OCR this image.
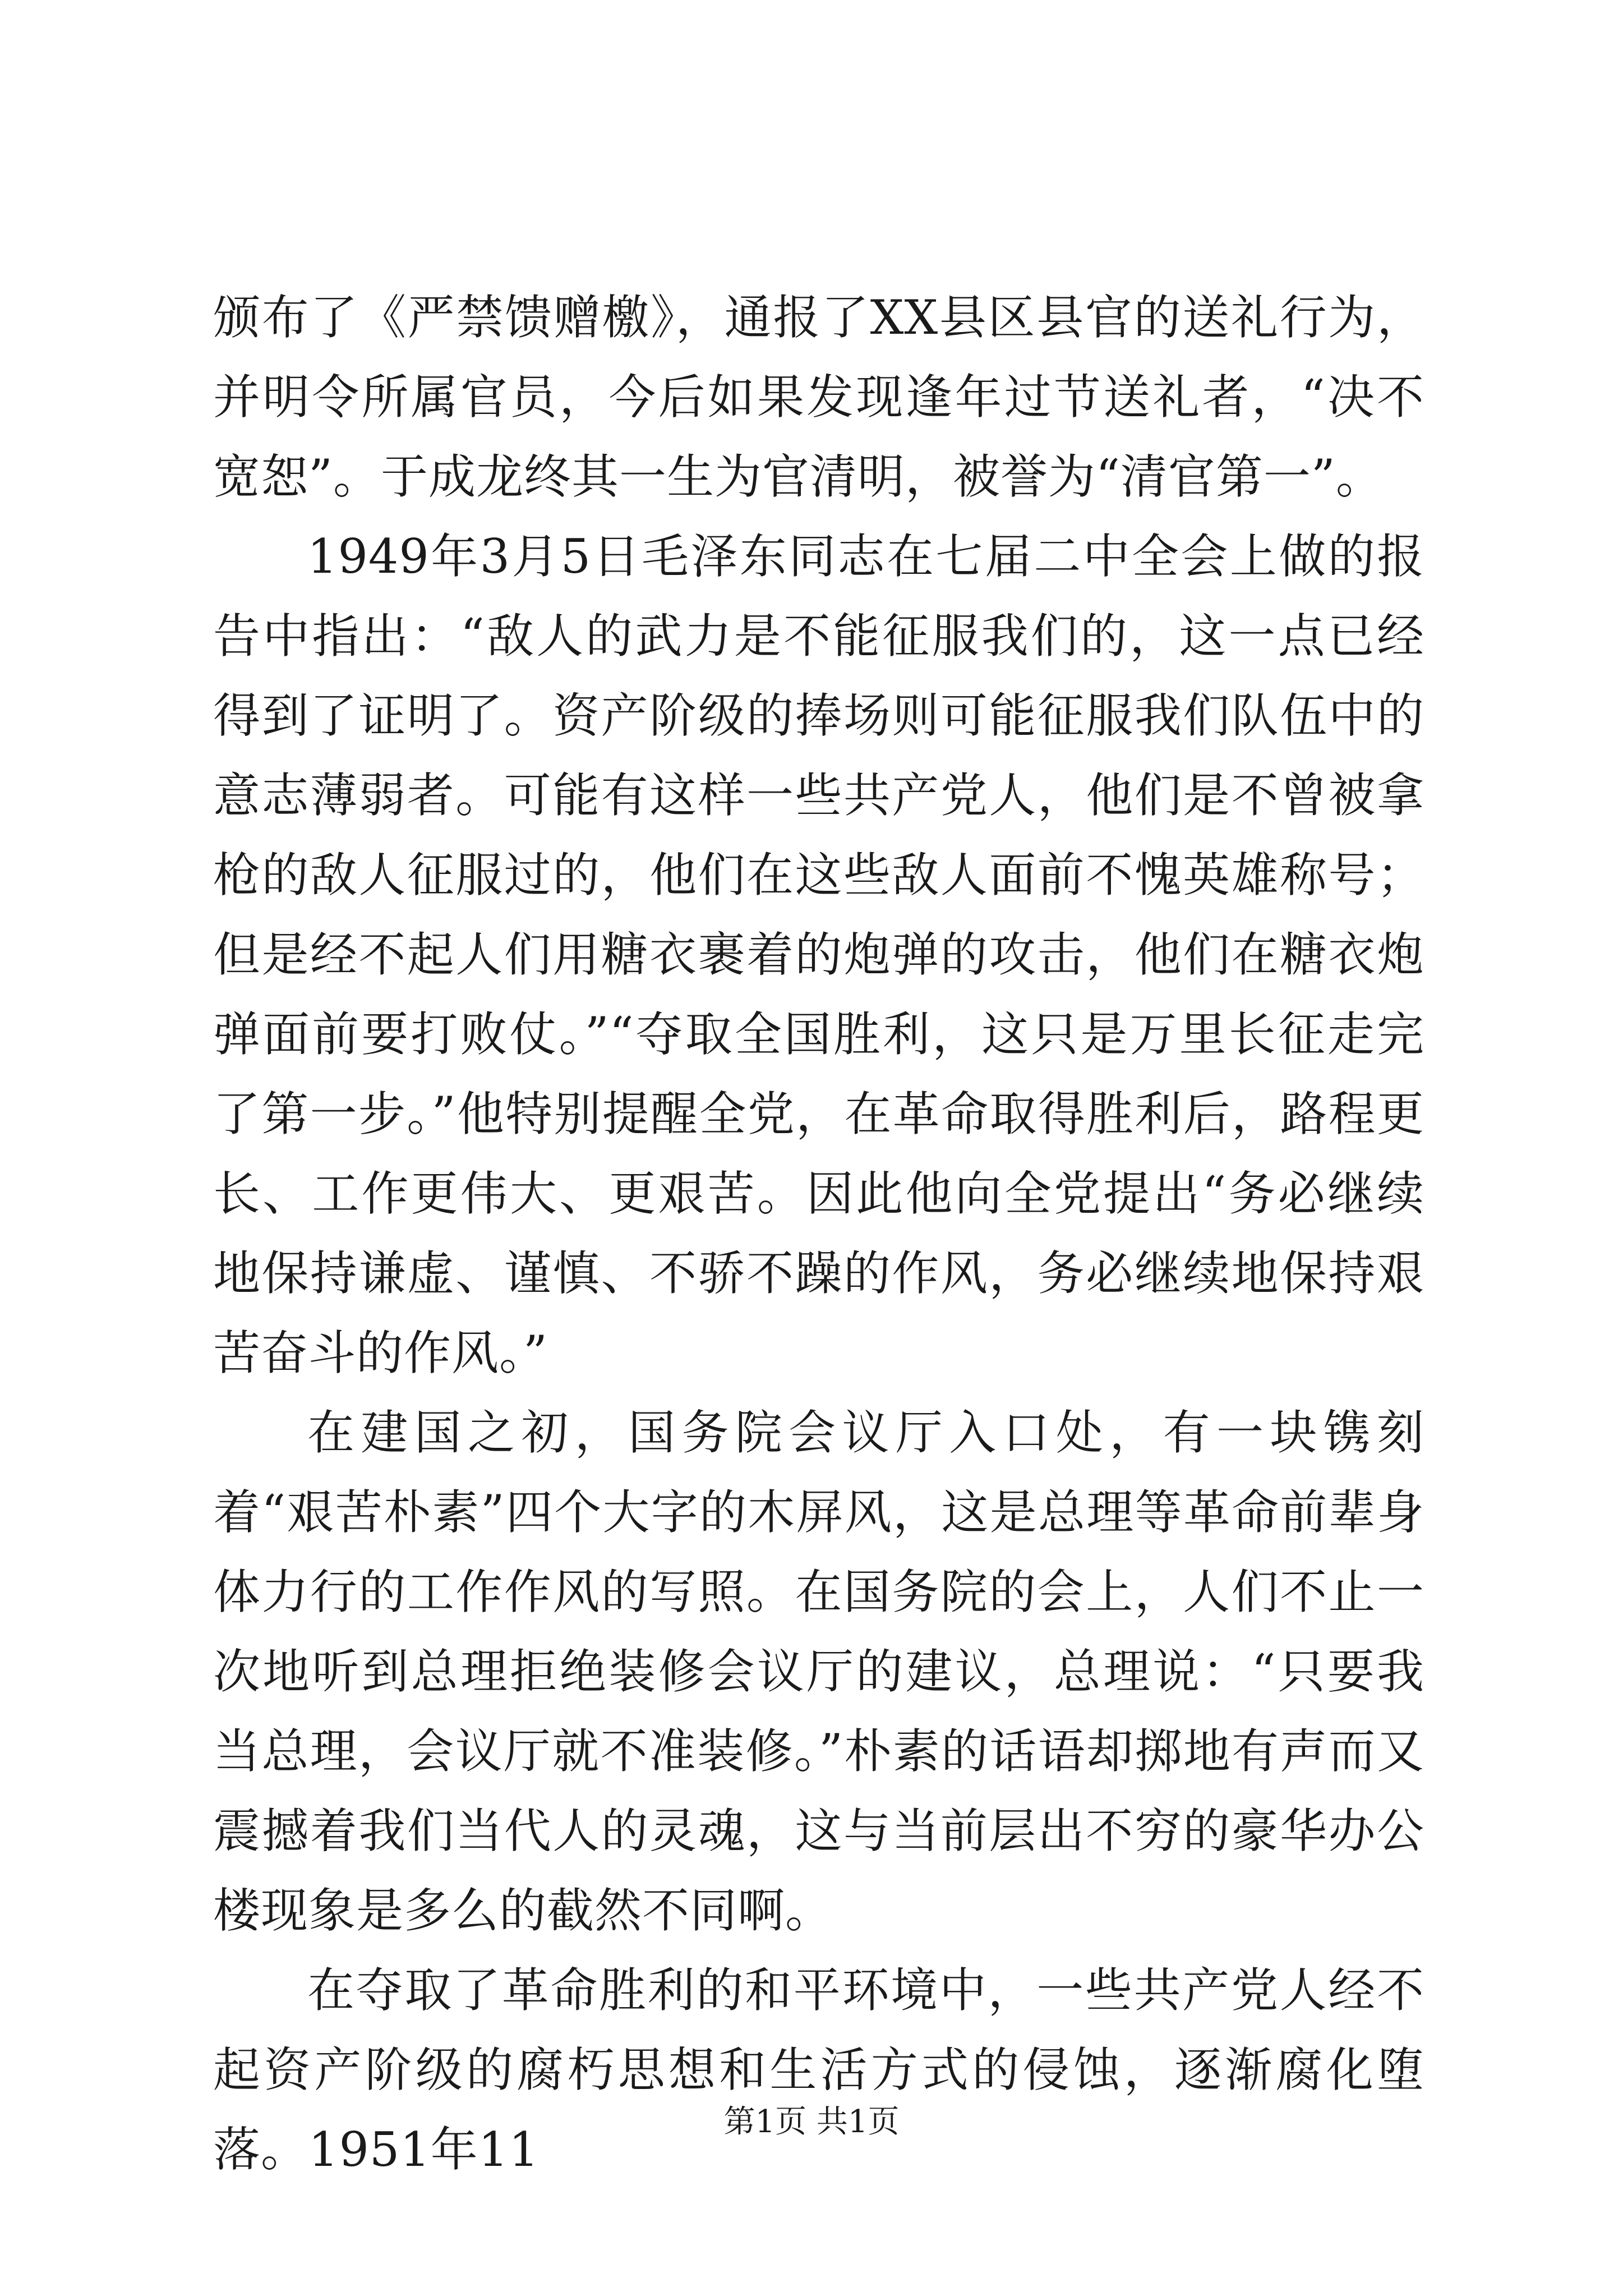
颁布了《严禁馈赠檄》，通报了XX县区县官的送礼行为，并明令所属官员，今后如果发现逢年过节送礼者，“决不宽恕”。于成龙终其一生为官清明，被誉为“清官第一”。

1949年3月5日毛泽东同志在七届二中全会上做的报告中指出：“敌人的武力是不能征服我们的，这一点已经得到了证明了。资产阶级的捧场则可能征服我们队伍中的意志薄弱者。可能有这样一些共产党人，他们是不曾被拿枪的敌人征服过的，他们在这些敌人面前不愧英雄称号；但是经不起人们用糖衣裹着的炮弹的攻击，他们在糖衣炮弹面前要打败仗。”“夺取全国胜利，这只是万里长征走完了第一步。”他特别提醒全党，在革命取得胜利后，路程更长、工作更伟大、更艰苦。因此他向全党提出“务必继续地保持谦虚、谨慎、不骄不躁的作风，务必继续地保持艰苦奋斗的作风。”

在建国之初，国务院会议厅入口处，有一块镌刻着“艰苦朴素”四个大字的木屏风，这是总理等革命前辈身体力行的工作作风的写照。在国务院的会上，人们不止一次地听到总理拒绝装修会议厅的建议，总理说：“只要我当总理，会议厅就不准装修。”朴素的话语却掷地有声而又震撼着我们当代人的灵魂，这与当前层出不穷的豪华办公楼现象是多么的截然不同啊。

在夺取了革命胜利的和平环境中，一些共产党人经不起资产阶级的腐朽思想和生活方式的侵蚀，逐渐腐化堕落。1951年11

第1页 共1页
